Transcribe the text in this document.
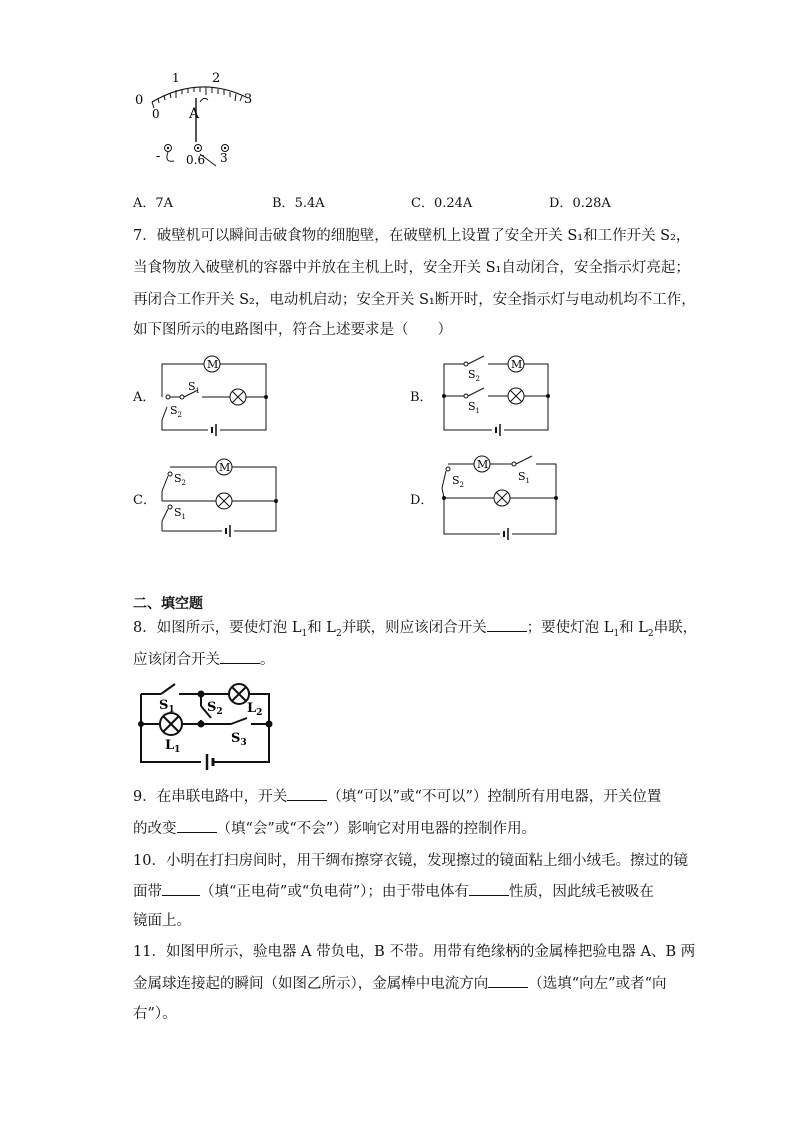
0
1 2
3
0 A
- 0.6 3
A．7A	B．5.4A	C．0.24A	D．0.28A
7．破壁机可以瞬间击破食物的细胞壁，在破壁机上设置了安全开关 S₁和工作开关 S₂，
当食物放入破壁机的容器中并放在主机上时，安全开关 S₁自动闭合，安全指示灯亮起；
再闭合工作开关 S₂，电动机启动；安全开关 S₁断开时，安全指示灯与电动机均不工作，
如下图所示的电路图中，符合上述要求是（　　）
A．
M
$S_1$
$S_2$
B．
M
$S_2$
$S_1$
C．
M
$S_2$
$S_1$
D．
M
$S_2$
$S_1$
二、填空题
8．如图所示，要使灯泡 $L_1$和 $L_2$并联，则应该闭合开关	；要使灯泡 $L_1$和 $L_2$串联，
应该闭合开关	。
$S_1$ $S_2$ $L_2$
$L_1$
$S_3$
9．在串联电路中，开关	（填“可以”或“不可以”）控制所有用电器，开关位置
的改变	（填“会”或“不会”）影响它对用电器的控制作用。
10．小明在打扫房间时，用干绸布擦穿衣镜，发现擦过的镜面粘上细小绒毛。擦过的镜
面带	（填“正电荷”或“负电荷”）；由于带电体有	性质，因此绒毛被吸在
镜面上。
11．如图甲所示，验电器 A 带负电，B 不带。用带有绝缘柄的金属棒把验电器 A、B 两
金属球连接起的瞬间（如图乙所示），金属棒中电流方向	（选填“向左”或者“向
右”）。
